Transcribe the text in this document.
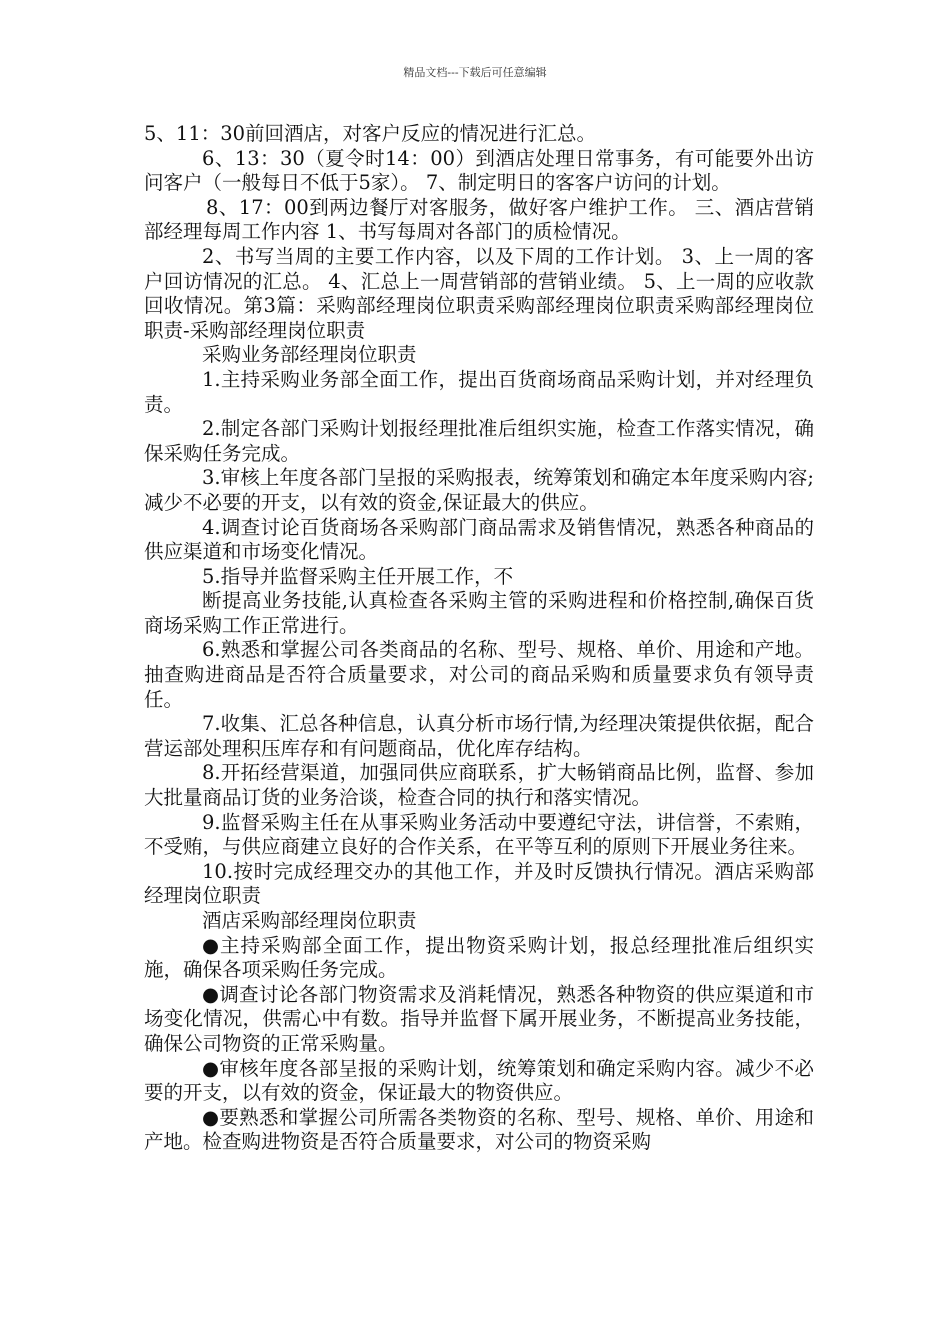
精品文档---下载后可任意编辑

5、11：30前回酒店，对客户反应的情况进行汇总。

6、13：30（夏令时14：00）到酒店处理日常事务，有可能要外出访问客户（一般每日不低于5家）。 7、制定明日的客客户访问的计划。

8、17：00到两边餐厅对客服务，做好客户维护工作。 三、酒店营销部经理每周工作内容 1、书写每周对各部门的质检情况。

2、书写当周的主要工作内容，以及下周的工作计划。 3、上一周的客户回访情况的汇总。 4、汇总上一周营销部的营销业绩。 5、上一周的应收款回收情况。第3篇：采购部经理岗位职责采购部经理岗位职责采购部经理岗位职责-采购部经理岗位职责

采购业务部经理岗位职责

1.主持采购业务部全面工作，提出百货商场商品采购计划，并对经理负责。

2.制定各部门采购计划报经理批准后组织实施，检查工作落实情况，确保采购任务完成。

3.审核上年度各部门呈报的采购报表，统筹策划和确定本年度采购内容;减少不必要的开支，以有效的资金,保证最大的供应。

4.调查讨论百货商场各采购部门商品需求及销售情况，熟悉各种商品的供应渠道和市场变化情况。

5.指导并监督采购主任开展工作，不

断提高业务技能,认真检查各采购主管的采购进程和价格控制,确保百货商场采购工作正常进行。

6.熟悉和掌握公司各类商品的名称、型号、规格、单价、用途和产地。抽查购进商品是否符合质量要求，对公司的商品采购和质量要求负有领导责任。

7.收集、汇总各种信息，认真分析市场行情,为经理决策提供依据，配合营运部处理积压库存和有问题商品，优化库存结构。

8.开拓经营渠道，加强同供应商联系，扩大畅销商品比例，监督、参加大批量商品订货的业务洽谈，检查合同的执行和落实情况。

9.监督采购主任在从事采购业务活动中要遵纪守法，讲信誉，不索贿，不受贿，与供应商建立良好的合作关系，在平等互利的原则下开展业务往来。

10.按时完成经理交办的其他工作，并及时反馈执行情况。酒店采购部经理岗位职责

酒店采购部经理岗位职责

●主持采购部全面工作，提出物资采购计划，报总经理批准后组织实施，确保各项采购任务完成。

●调查讨论各部门物资需求及消耗情况，熟悉各种物资的供应渠道和市场变化情况，供需心中有数。指导并监督下属开展业务，不断提高业务技能，确保公司物资的正常采购量。

●审核年度各部呈报的采购计划，统筹策划和确定采购内容。减少不必要的开支，以有效的资金，保证最大的物资供应。

●要熟悉和掌握公司所需各类物资的名称、型号、规格、单价、用途和产地。检查购进物资是否符合质量要求，对公司的物资采购
